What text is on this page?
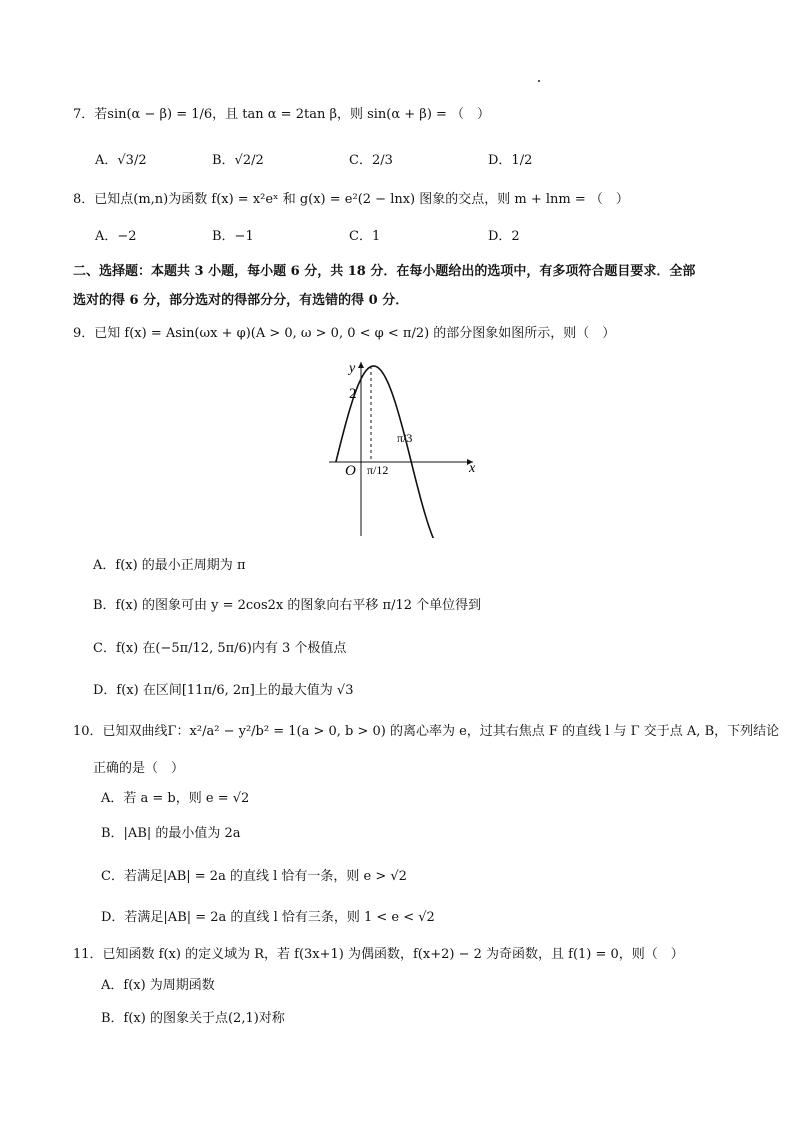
7．若sin(α − β) = 1/6，且 tan α = 2tan β，则 sin(α + β) = （　）
A．√3/2	B．√2/2	C．2/3	D．1/2
8．已知点(m,n)为函数 f(x) = x²eˣ 和 g(x) = e²(2 − lnx) 图象的交点，则 m + lnm = （　）
A．−2	B．−1	C．1	D．2
二、选择题：本题共 3 小题，每小题 6 分，共 18 分．在每小题给出的选项中，有多项符合题目要求．全部
选对的得 6 分，部分选对的得部分分，有选错的得 0 分．
9．已知 f(x) = Asin(ωx + φ)(A > 0, ω > 0, 0 < φ < π/2) 的部分图象如图所示，则（　）
y
x
O
2
π/12
π/3
A．f(x) 的最小正周期为 π
B．f(x) 的图象可由 y = 2cos2x 的图象向右平移 π/12 个单位得到
C．f(x) 在(−5π/12, 5π/6)内有 3 个极值点
D．f(x) 在区间[11π/6, 2π]上的最大值为 √3
10．已知双曲线Γ：x²/a² − y²/b² = 1(a > 0, b > 0) 的离心率为 e，过其右焦点 F 的直线 l 与 Γ 交于点 A, B，下列结论
正确的是（　）
A．若 a = b，则 e = √2
B．|AB| 的最小值为 2a
C．若满足|AB| = 2a 的直线 l 恰有一条，则 e > √2
D．若满足|AB| = 2a 的直线 l 恰有三条，则 1 < e < √2
11．已知函数 f(x) 的定义域为 R，若 f(3x+1) 为偶函数，f(x+2) − 2 为奇函数，且 f(1) = 0，则（　）
A．f(x) 为周期函数
B．f(x) 的图象关于点(2,1)对称
